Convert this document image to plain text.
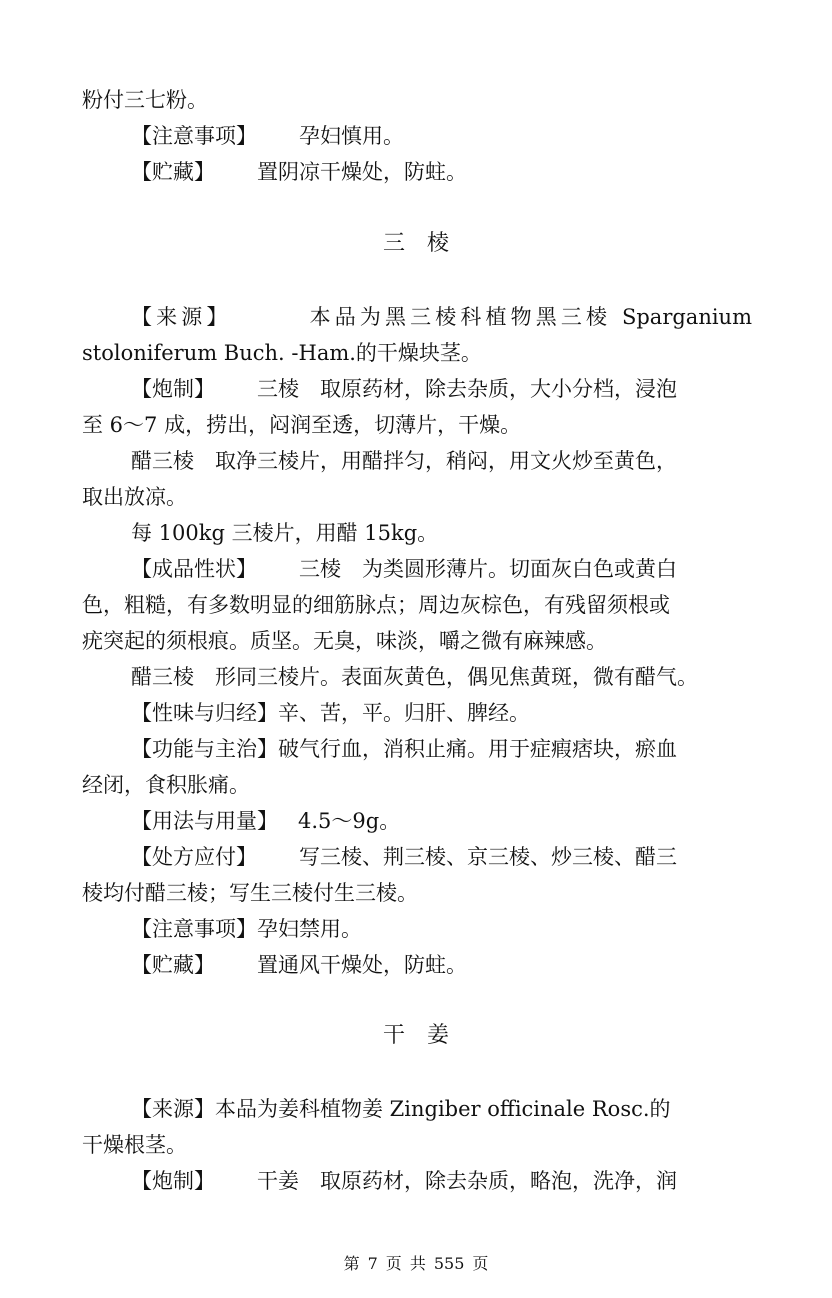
粉付三七粉。
【注意事项】 孕妇慎用。
【贮藏】 置阴凉干燥处，防蛀。
三　棱
【来源】	本品为黑三棱科植物黑三棱 Sparganium
stoloniferum Buch. -Ham.的干燥块茎。
【炮制】 三棱　取原药材，除去杂质，大小分档，浸泡
至 6～7 成，捞出，闷润至透，切薄片，干燥。
醋三棱　取净三棱片，用醋拌匀，稍闷，用文火炒至黄色，
取出放凉。
每 100kg 三棱片，用醋 15kg。
【成品性状】 三棱　为类圆形薄片。切面灰白色或黄白
色，粗糙，有多数明显的细筋脉点；周边灰棕色，有残留须根或
疣突起的须根痕。质坚。无臭，味淡，嚼之微有麻辣感。
醋三棱　形同三棱片。表面灰黄色，偶见焦黄斑，微有醋气。
【性味与归经】辛、苦，平。归肝、脾经。
【功能与主治】破气行血，消积止痛。用于症瘕痞块，瘀血
经闭，食积胀痛。
【用法与用量】 4.5～9g。
【处方应付】 写三棱、荆三棱、京三棱、炒三棱、醋三
棱均付醋三棱；写生三棱付生三棱。
【注意事项】孕妇禁用。
【贮藏】 置通风干燥处，防蛀。
干　姜
【来源】本品为姜科植物姜 Zingiber officinale Rosc.的
干燥根茎。
【炮制】 干姜　取原药材，除去杂质，略泡，洗净，润
第 7 页 共 555 页
